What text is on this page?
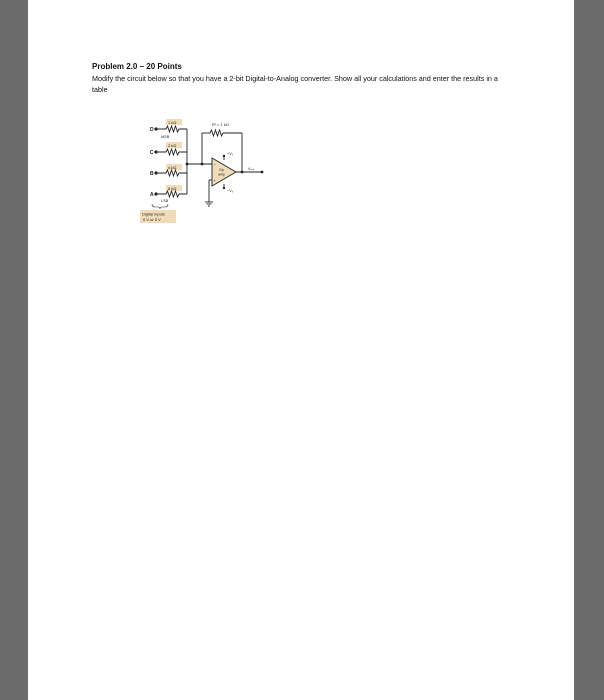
Problem 2.0 – 20 Points
Modify the circuit below so that you have a 2-bit Digital-to-Analog converter. Show all your calculations and enter the results in a table
D
C
B
A
1 kΩ
2 kΩ
4 kΩ
8 kΩ
MSB
LSB
Rᶠ = 1 kΩ
Op
amp
−
+
+Vₛ
−Vₛ
Vₒᵤₜ
Digital inputs
0 V or 5 V
